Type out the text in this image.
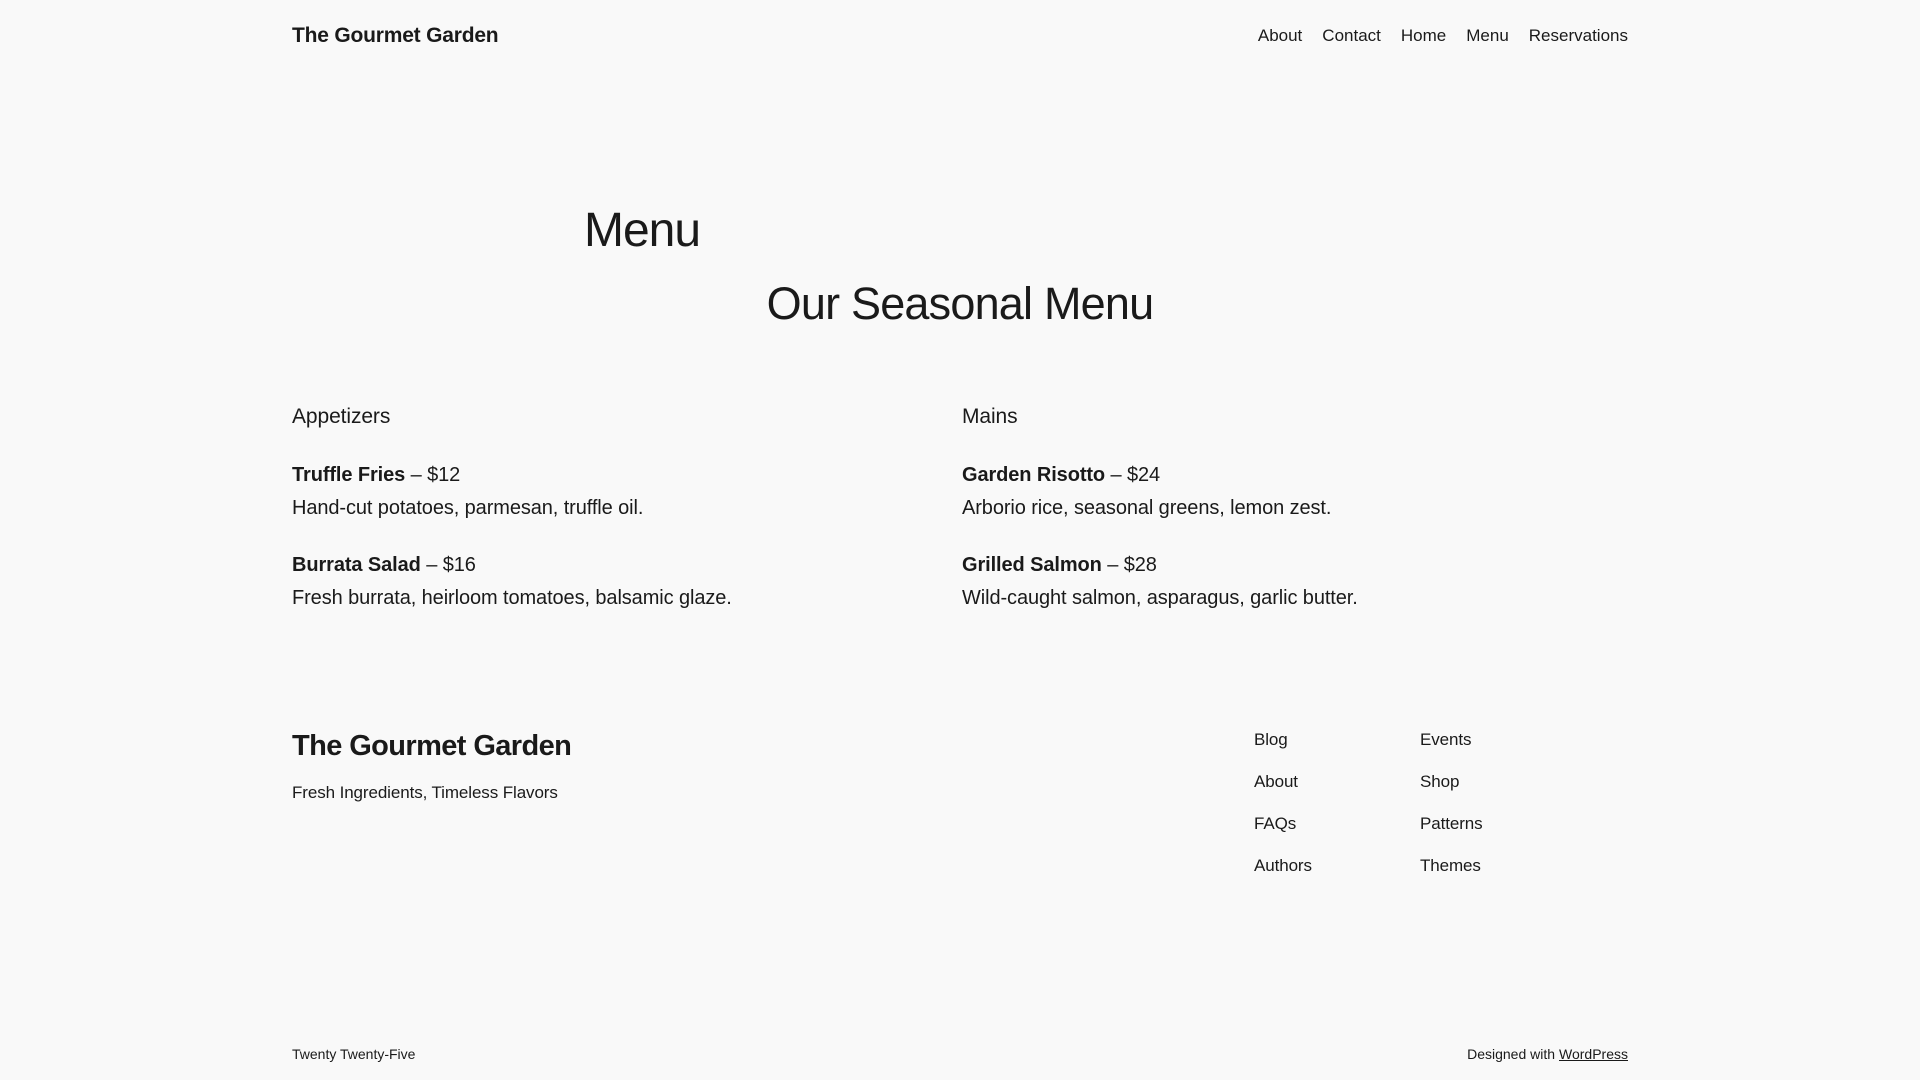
The Gourmet Garden	About Contact Home Menu Reservations
Menu
Our Seasonal Menu
Appetizers
Truffle Fries – $12
Hand-cut potatoes, parmesan, truffle oil.
Burrata Salad – $16
Fresh burrata, heirloom tomatoes, balsamic glaze.
Mains
Garden Risotto – $24
Arborio rice, seasonal greens, lemon zest.
Grilled Salmon – $28
Wild-caught salmon, asparagus, garlic butter.
The Gourmet Garden
Fresh Ingredients, Timeless Flavors
Blog
About
FAQs
Authors
Events
Shop
Patterns
Themes
Twenty Twenty-Five	Designed with WordPress
